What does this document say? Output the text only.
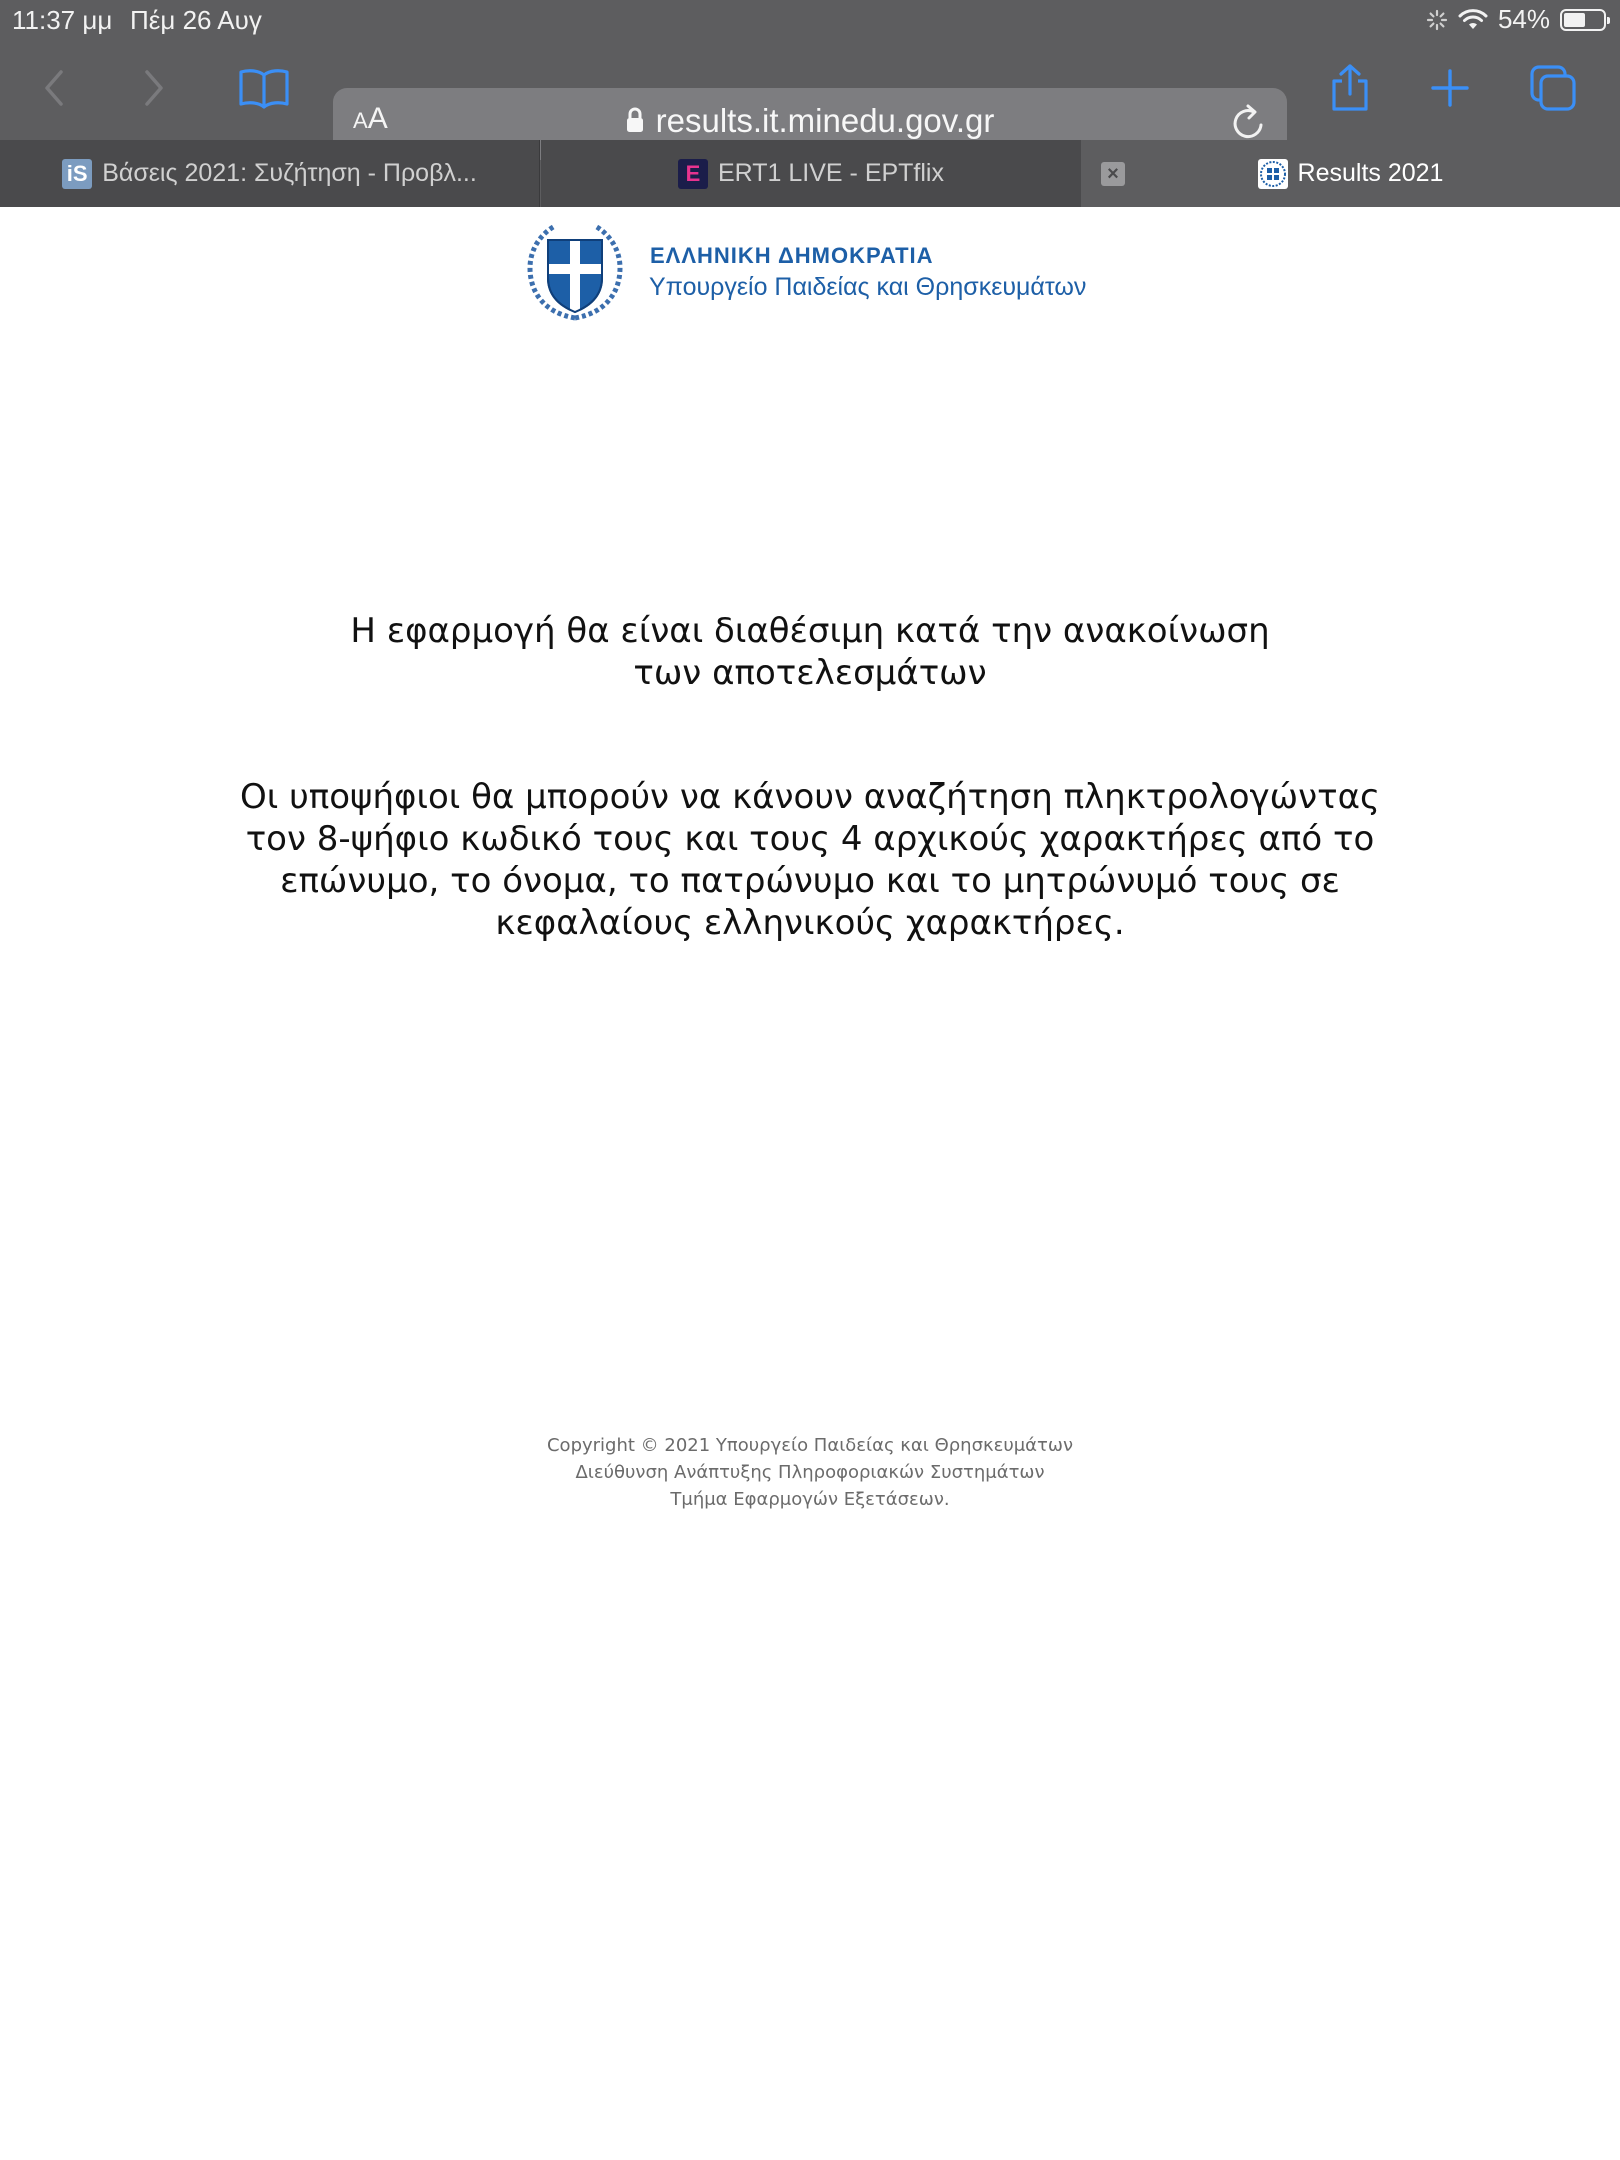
11:37 μμ Πέμ 26 Αυγ	54%
AA	results.it.minedu.gov.gr
iS Βάσεις 2021: Συζήτηση - Προβλ...	E ERT1 LIVE - EPTflix	×	Results 2021
ΕΛΛΗΝΙΚΗ ΔΗΜΟΚΡΑΤΙΑ
Υπουργείο Παιδείας και Θρησκευμάτων
Η εφαρμογή θα είναι διαθέσιμη κατά την ανακοίνωση των αποτελεσμάτων
Οι υποψήφιοι θα μπορούν να κάνουν αναζήτηση πληκτρολογώντας τον 8-ψήφιο κωδικό τους και τους 4 αρχικούς χαρακτήρες από το επώνυμο, το όνομα, το πατρώνυμο και το μητρώνυμό τους σε κεφαλαίους ελληνικούς χαρακτήρες.
Copyright © 2021 Υπουργείο Παιδείας και Θρησκευμάτων
Διεύθυνση Ανάπτυξης Πληροφοριακών Συστημάτων
Τμήμα Εφαρμογών Εξετάσεων.
